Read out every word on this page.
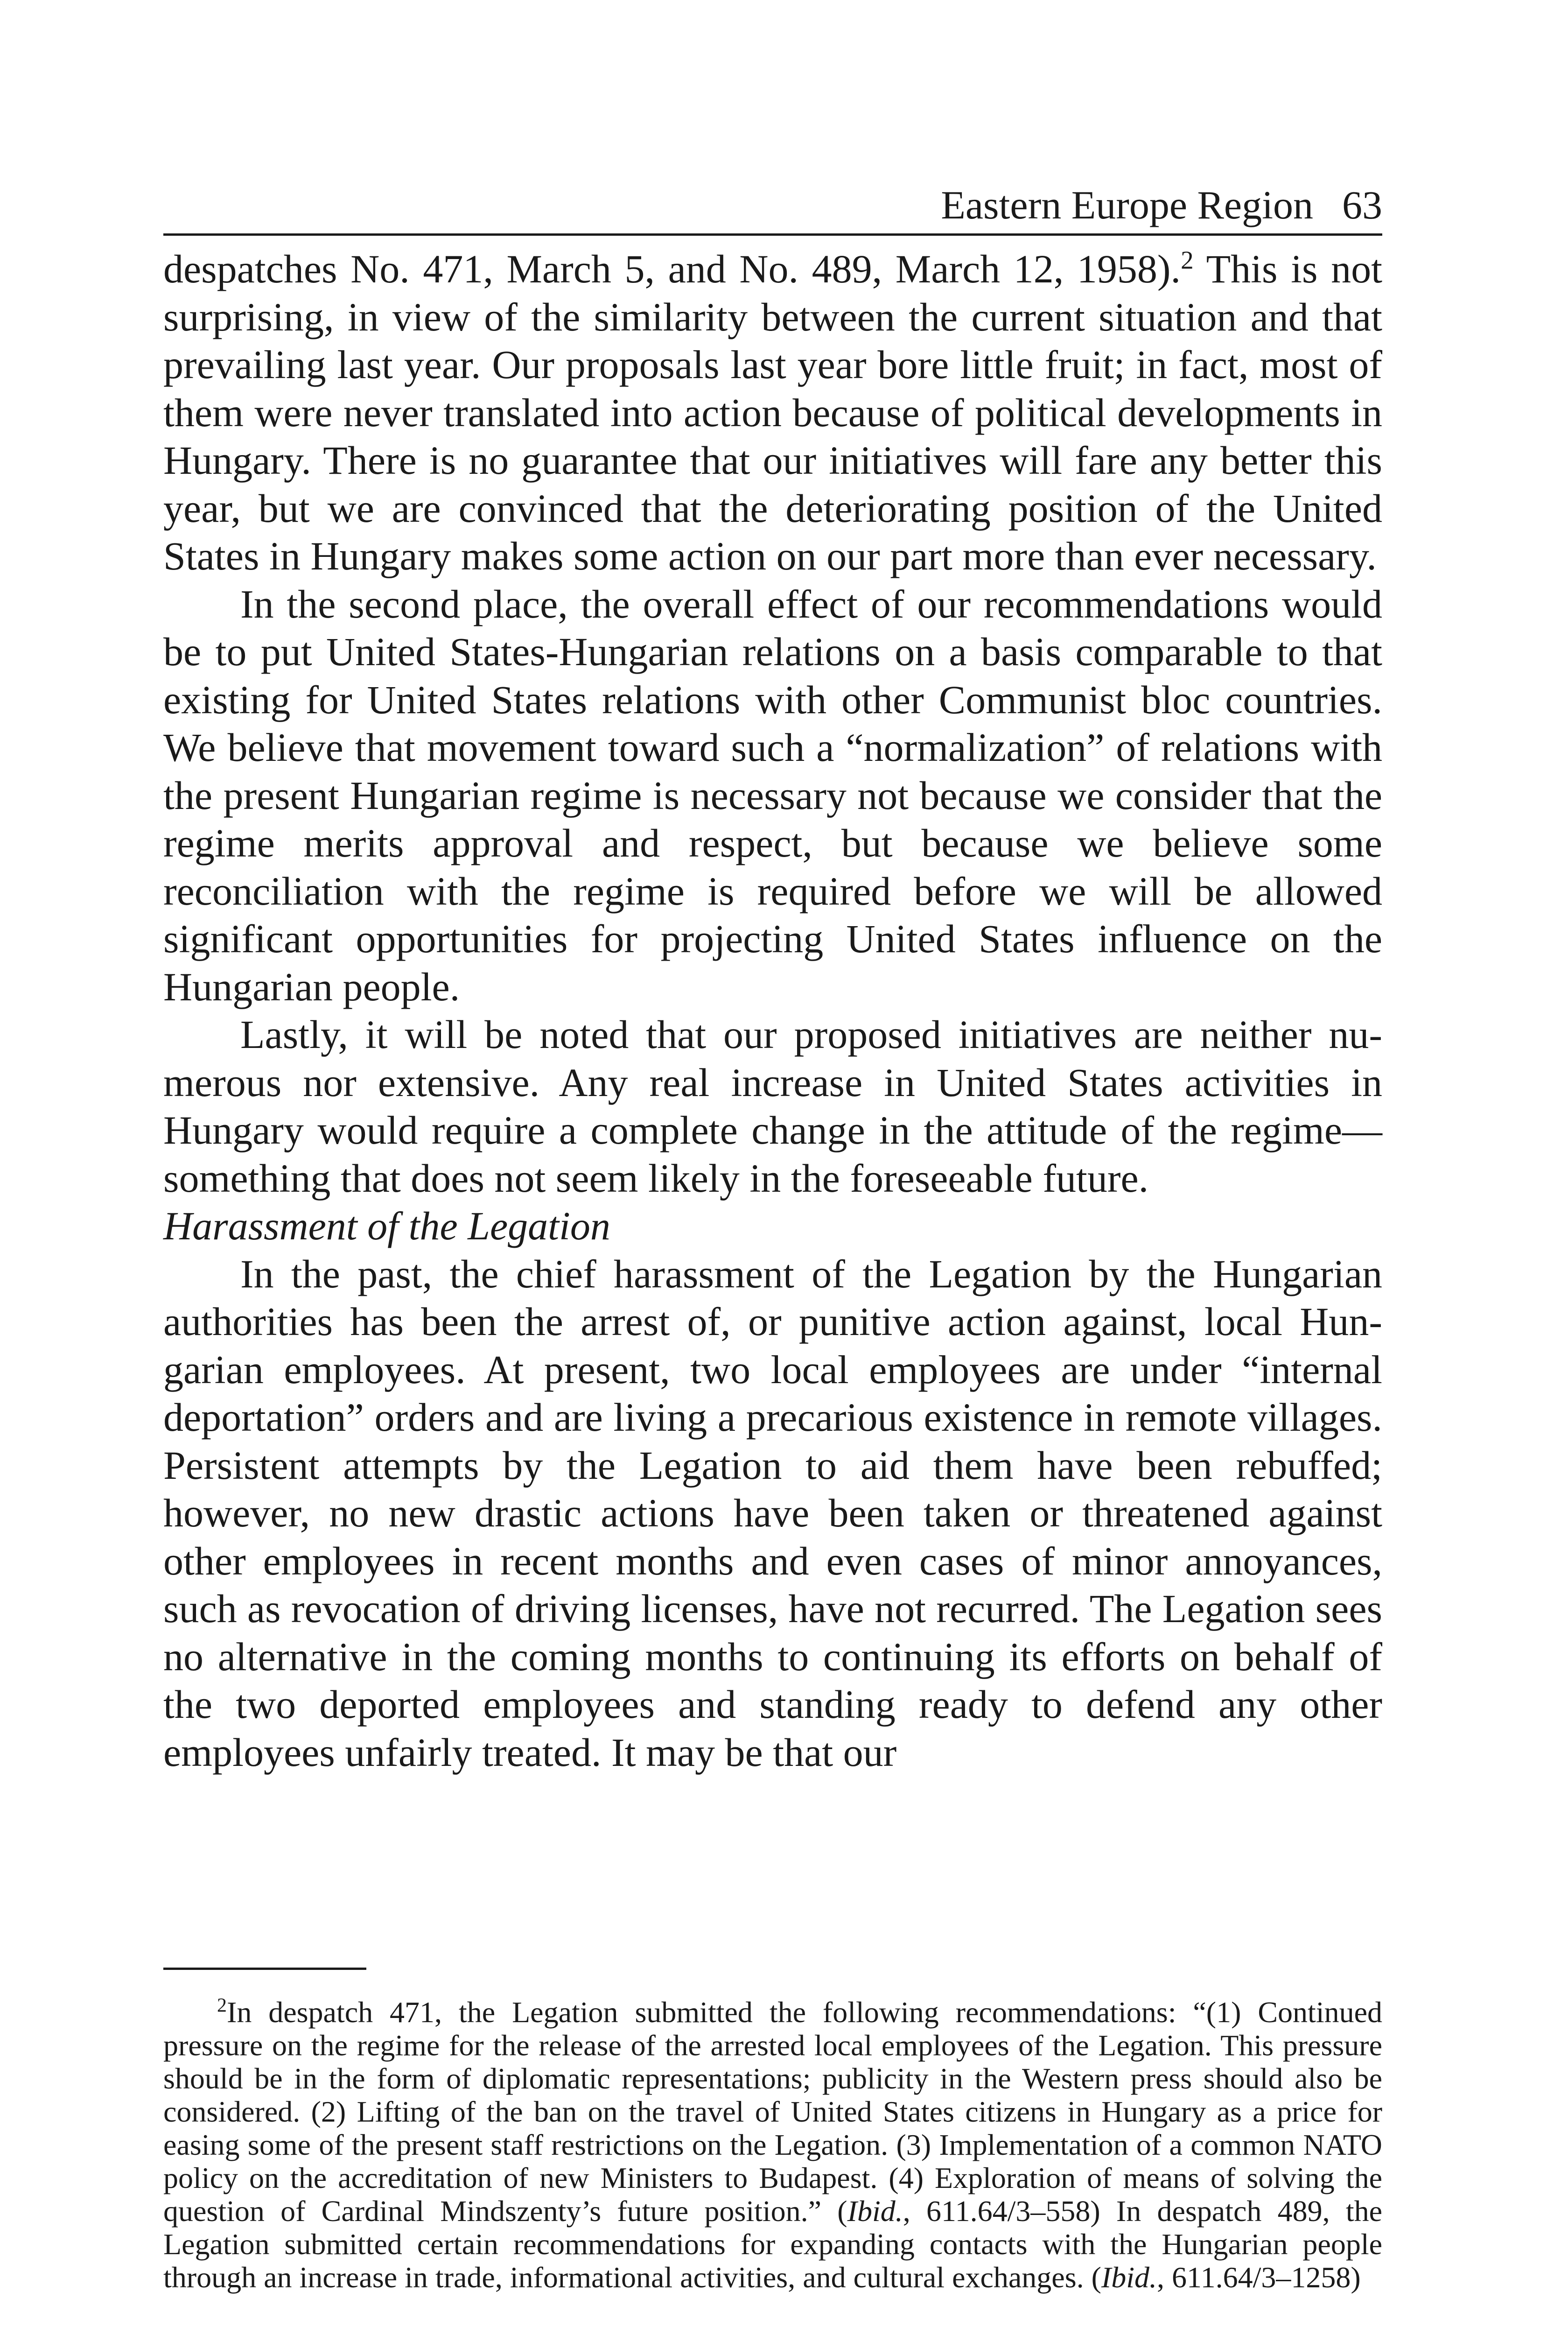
Eastern Europe Region 63

despatches No. 471, March 5, and No. 489, March 12, 1958).$^2$ This is not surprising, in view of the similarity between the current situation and that prevailing last year. Our proposals last year bore little fruit; in fact, most of them were never translated into action because of political developments in Hungary. There is no guarantee that our initiatives will fare any better this year, but we are convinced that the deteriorating position of the United States in Hungary makes some action on our part more than ever necessary.

In the second place, the overall effect of our recommendations would be to put United States-Hungarian relations on a basis comparable to that existing for United States relations with other Communist bloc countries. We believe that movement toward such a “normalization” of relations with the present Hungarian regime is necessary not because we consider that the regime merits approval and respect, but because we believe some reconciliation with the regime is required before we will be allowed significant opportunities for projecting United States influence on the Hungarian people.

Lastly, it will be noted that our proposed initiatives are neither numerous nor extensive. Any real increase in United States activities in Hungary would require a complete change in the attitude of the regime—something that does not seem likely in the foreseeable future.

Harassment of the Legation

In the past, the chief harassment of the Legation by the Hungarian authorities has been the arrest of, or punitive action against, local Hungarian employees. At present, two local employees are under “internal deportation” orders and are living a precarious existence in remote villages. Persistent attempts by the Legation to aid them have been rebuffed; however, no new drastic actions have been taken or threatened against other employees in recent months and even cases of minor annoyances, such as revocation of driving licenses, have not recurred. The Legation sees no alternative in the coming months to continuing its efforts on behalf of the two deported employees and standing ready to defend any other employees unfairly treated. It may be that our

$^2$In despatch 471, the Legation submitted the following recommendations: “(1) Continued pressure on the regime for the release of the arrested local employees of the Legation. This pressure should be in the form of diplomatic representations; publicity in the Western press should also be considered. (2) Lifting of the ban on the travel of United States citizens in Hungary as a price for easing some of the present staff restrictions on the Legation. (3) Implementation of a common NATO policy on the accreditation of new Ministers to Budapest. (4) Exploration of means of solving the question of Cardinal Mindszenty’s future position.” (Ibid., 611.64/3–558) In despatch 489, the Legation submitted certain recommendations for expanding contacts with the Hungarian people through an increase in trade, informational activities, and cultural exchanges. (Ibid., 611.64/3–1258)
